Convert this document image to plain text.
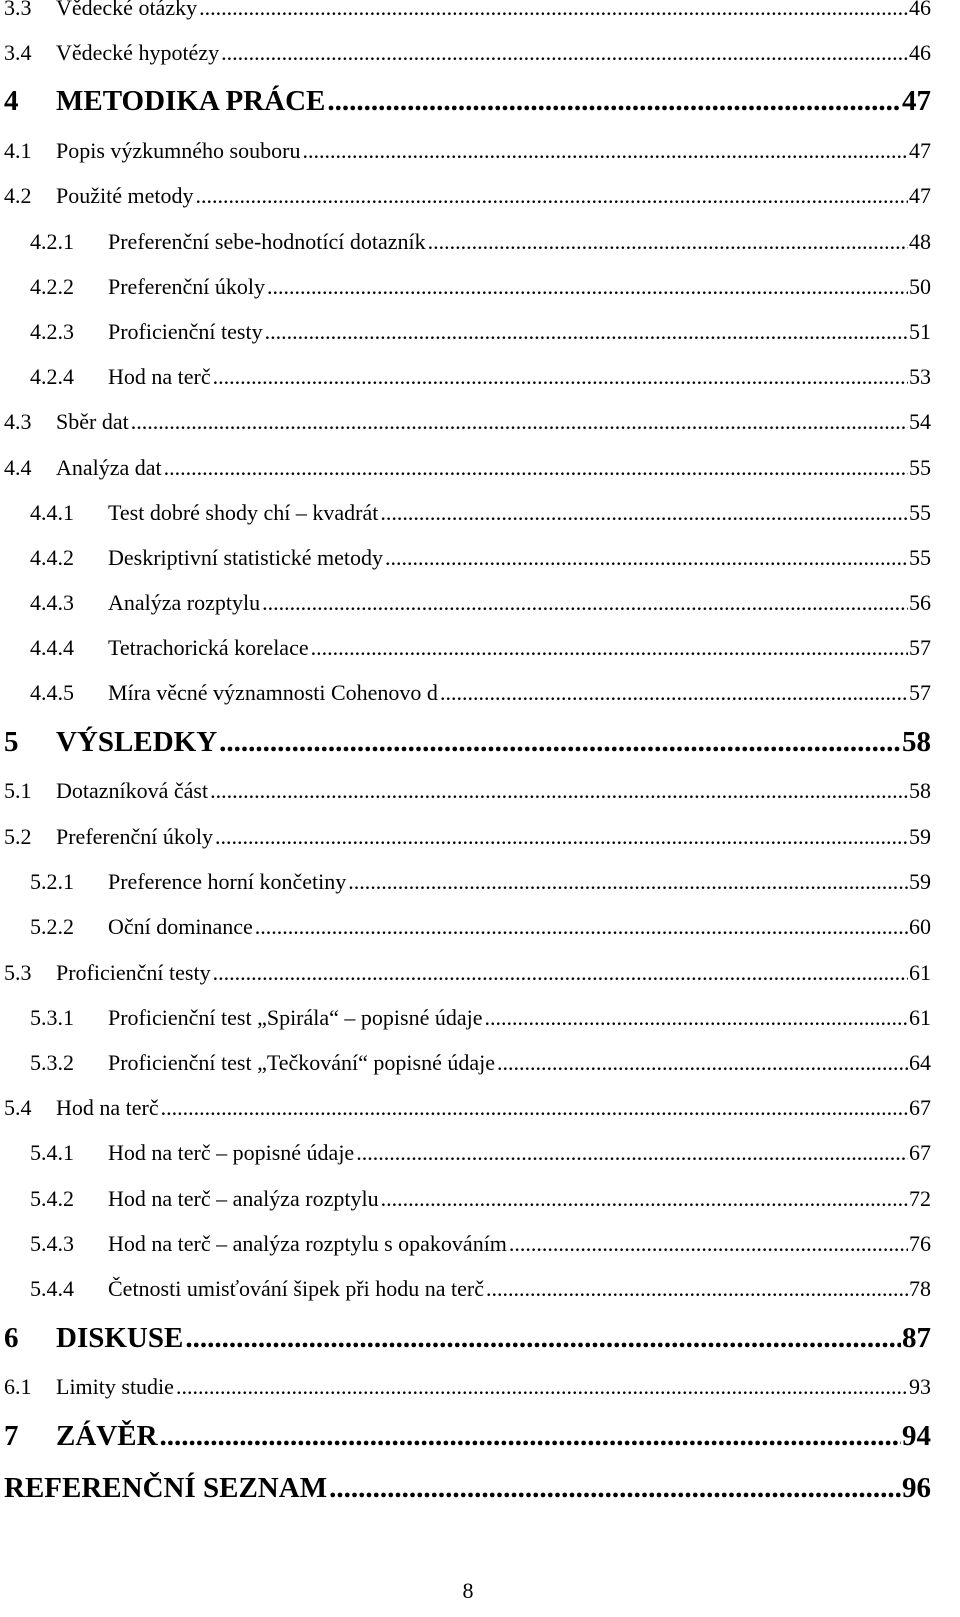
3.3	Vědecké otázky .....	46
3.4	Vědecké hypotézy .....	46
4	METODIKA PRÁCE .....	47
4.1	Popis výzkumného souboru .....	47
4.2	Použité metody .....	47
4.2.1	Preferenční sebe-hodnotící dotazník .....	48
4.2.2	Preferenční úkoly .....	50
4.2.3	Proficienční testy .....	51
4.2.4	Hod na terč .....	53
4.3	Sběr dat .....	54
4.4	Analýza dat .....	55
4.4.1	Test dobré shody chí – kvadrát .....	55
4.4.2	Deskriptivní statistické metody .....	55
4.4.3	Analýza rozptylu .....	56
4.4.4	Tetrachorická korelace .....	57
4.4.5	Míra věcné významnosti Cohenovo d .....	57
5	VÝSLEDKY .....	58
5.1	Dotazníková část .....	58
5.2	Preferenční úkoly .....	59
5.2.1	Preference horní končetiny .....	59
5.2.2	Oční dominance .....	60
5.3	Proficienční testy .....	61
5.3.1	Proficienční test „Spirála“ – popisné údaje .....	61
5.3.2	Proficienční test „Tečkování“ popisné údaje .....	64
5.4	Hod na terč .....	67
5.4.1	Hod na terč – popisné údaje .....	67
5.4.2	Hod na terč – analýza rozptylu .....	72
5.4.3	Hod na terč – analýza rozptylu s opakováním .....	76
5.4.4	Četnosti umisťování šipek při hodu na terč .....	78
6	DISKUSE .....	87
6.1	Limity studie .....	93
7	ZÁVĚR .....	94
REFERENČNÍ SEZNAM .....	96
8
